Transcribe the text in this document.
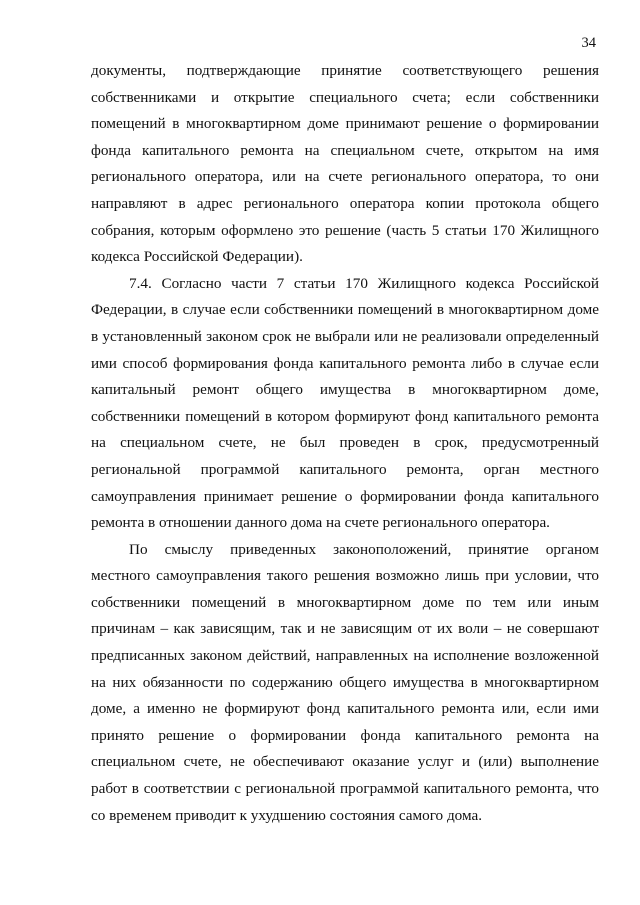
34
документы, подтверждающие принятие соответствующего решения
собственниками и открытие специального счета; если собственники
помещений в многоквартирном доме принимают решение о формировании
фонда капитального ремонта на специальном счете, открытом на имя
регионального оператора, или на счете регионального оператора, то они
направляют в адрес регионального оператора копии протокола общего
собрания, которым оформлено это решение (часть 5 статьи 170 Жилищного
кодекса Российской Федерации).
7.4. Согласно части 7 статьи 170 Жилищного кодекса Российской
Федерации, в случае если собственники помещений в многоквартирном доме
в установленный законом срок не выбрали или не реализовали определенный
ими способ формирования фонда капитального ремонта либо в случае если
капитальный ремонт общего имущества в многоквартирном доме,
собственники помещений в котором формируют фонд капитального ремонта
на специальном счете, не был проведен в срок, предусмотренный
региональной программой капитального ремонта, орган местного
самоуправления принимает решение о формировании фонда капитального
ремонта в отношении данного дома на счете регионального оператора.
По смыслу приведенных законоположений, принятие органом
местного самоуправления такого решения возможно лишь при условии, что
собственники помещений в многоквартирном доме по тем или иным
причинам – как зависящим, так и не зависящим от их воли – не совершают
предписанных законом действий, направленных на исполнение возложенной
на них обязанности по содержанию общего имущества в многоквартирном
доме, а именно не формируют фонд капитального ремонта или, если ими
принято решение о формировании фонда капитального ремонта на
специальном счете, не обеспечивают оказание услуг и (или) выполнение
работ в соответствии с региональной программой капитального ремонта, что
со временем приводит к ухудшению состояния самого дома.
